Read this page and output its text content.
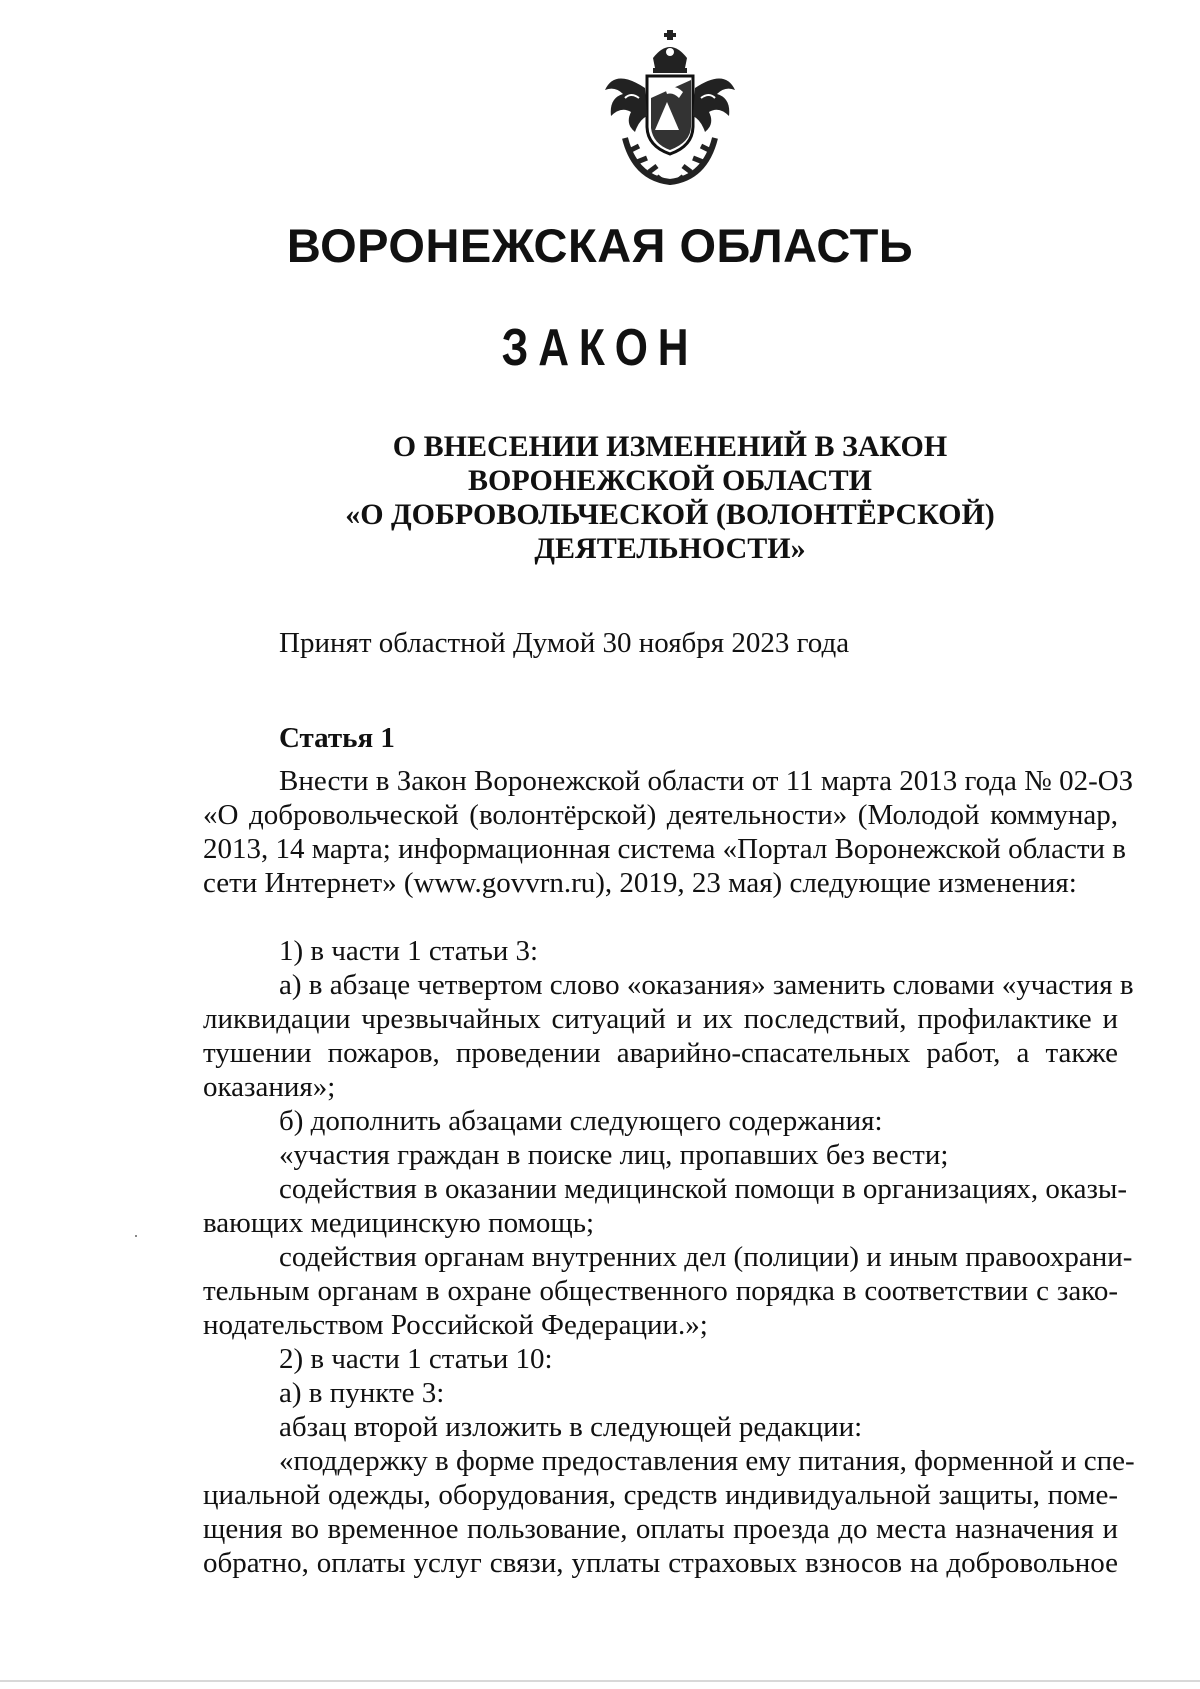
ВОРОНЕЖСКАЯ ОБЛАСТЬ
ЗАКОН
О ВНЕСЕНИИ ИЗМЕНЕНИЙ В ЗАКОН
ВОРОНЕЖСКОЙ ОБЛАСТИ
«О ДОБРОВОЛЬЧЕСКОЙ (ВОЛОНТЁРСКОЙ)
ДЕЯТЕЛЬНОСТИ»
Принят областной Думой 30 ноября 2023 года
Статья 1
Внести в Закон Воронежской области от 11 марта 2013 года № 02-ОЗ
«О добровольческой (волонтёрской) деятельности» (Молодой коммунар,
2013, 14 марта; информационная система «Портал Воронежской области в
сети Интернет» (www.govvrn.ru), 2019, 23 мая) следующие изменения:
1) в части 1 статьи 3:
а) в абзаце четвертом слово «оказания» заменить словами «участия в
ликвидации чрезвычайных ситуаций и их последствий, профилактике и
тушении пожаров, проведении аварийно-спасательных работ, а также
оказания»;
б) дополнить абзацами следующего содержания:
«участия граждан в поиске лиц, пропавших без вести;
содействия в оказании медицинской помощи в организациях, оказы-
вающих медицинскую помощь;
содействия органам внутренних дел (полиции) и иным правоохрани-
тельным органам в охране общественного порядка в соответствии с зако-
нодательством Российской Федерации.»;
2) в части 1 статьи 10:
а) в пункте 3:
абзац второй изложить в следующей редакции:
«поддержку в форме предоставления ему питания, форменной и спе-
циальной одежды, оборудования, средств индивидуальной защиты, поме-
щения во временное пользование, оплаты проезда до места назначения и
обратно, оплаты услуг связи, уплаты страховых взносов на добровольное
